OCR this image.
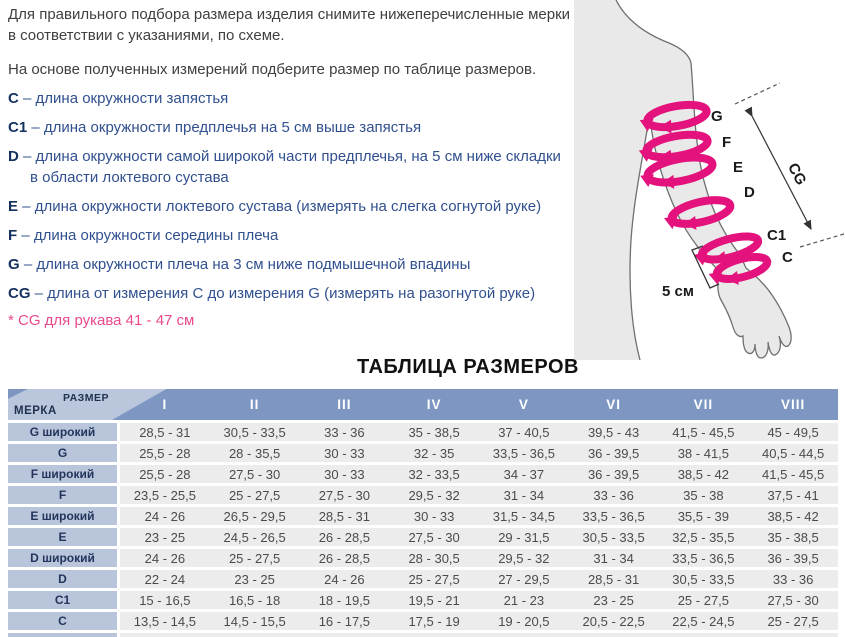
Для правильного подбора размера изделия снимите нижеперечисленные мерки в соответствии с указаниями, по схеме.

На основе полученных измерений подберите размер по таблице размеров.

C – длина окружности запястья
C1 – длина окружности предплечья на 5 см выше запястья
D – длина окружности самой широкой части предплечья, на 5 см ниже складки в области локтевого сустава
E – длина окружности локтевого сустава (измерять на слегка согнутой руке)
F – длина окружности середины плеча
G – длина окружности плеча на 3 см ниже подмышечной впадины
CG – длина от измерения C до измерения G (измерять на разогнутой руке)
* CG для рукава 41 - 47 см
CG
G
F
E
D
C1
C
5 см
ТАБЛИЦА РАЗМЕРОВ
РАЗМЕР
МЕРКА	I	II	III	IV	V	VI	VII	VIII
G широкий	28,5 - 31	30,5 - 33,5	33 - 36	35 - 38,5	37 - 40,5	39,5 - 43	41,5 - 45,5	45 - 49,5
G	25,5 - 28	28 - 35,5	30 - 33	32 - 35	33,5 - 36,5	36 - 39,5	38 - 41,5	40,5 - 44,5
F широкий	25,5 - 28	27,5 - 30	30 - 33	32 - 33,5	34 - 37	36 - 39,5	38,5 - 42	41,5 - 45,5
F	23,5 - 25,5	25 - 27,5	27,5 - 30	29,5 - 32	31 - 34	33 - 36	35 - 38	37,5 - 41
E широкий	24 - 26	26,5 - 29,5	28,5 - 31	30 - 33	31,5 - 34,5	33,5 - 36,5	35,5 - 39	38,5 - 42
E	23 - 25	24,5 - 26,5	26 - 28,5	27,5 - 30	29 - 31,5	30,5 - 33,5	32,5 - 35,5	35 - 38,5
D широкий	24 - 26	25 - 27,5	26 - 28,5	28 - 30,5	29,5 - 32	31 - 34	33,5 - 36,5	36 - 39,5
D	22 - 24	23 - 25	24 - 26	25 - 27,5	27 - 29,5	28,5 - 31	30,5 - 33,5	33 - 36
C1	15 - 16,5	16,5 - 18	18 - 19,5	19,5 - 21	21 - 23	23 - 25	25 - 27,5	27,5 - 30
C	13,5 - 14,5	14,5 - 15,5	16 - 17,5	17,5 - 19	19 - 20,5	20,5 - 22,5	22,5 - 24,5	25 - 27,5
